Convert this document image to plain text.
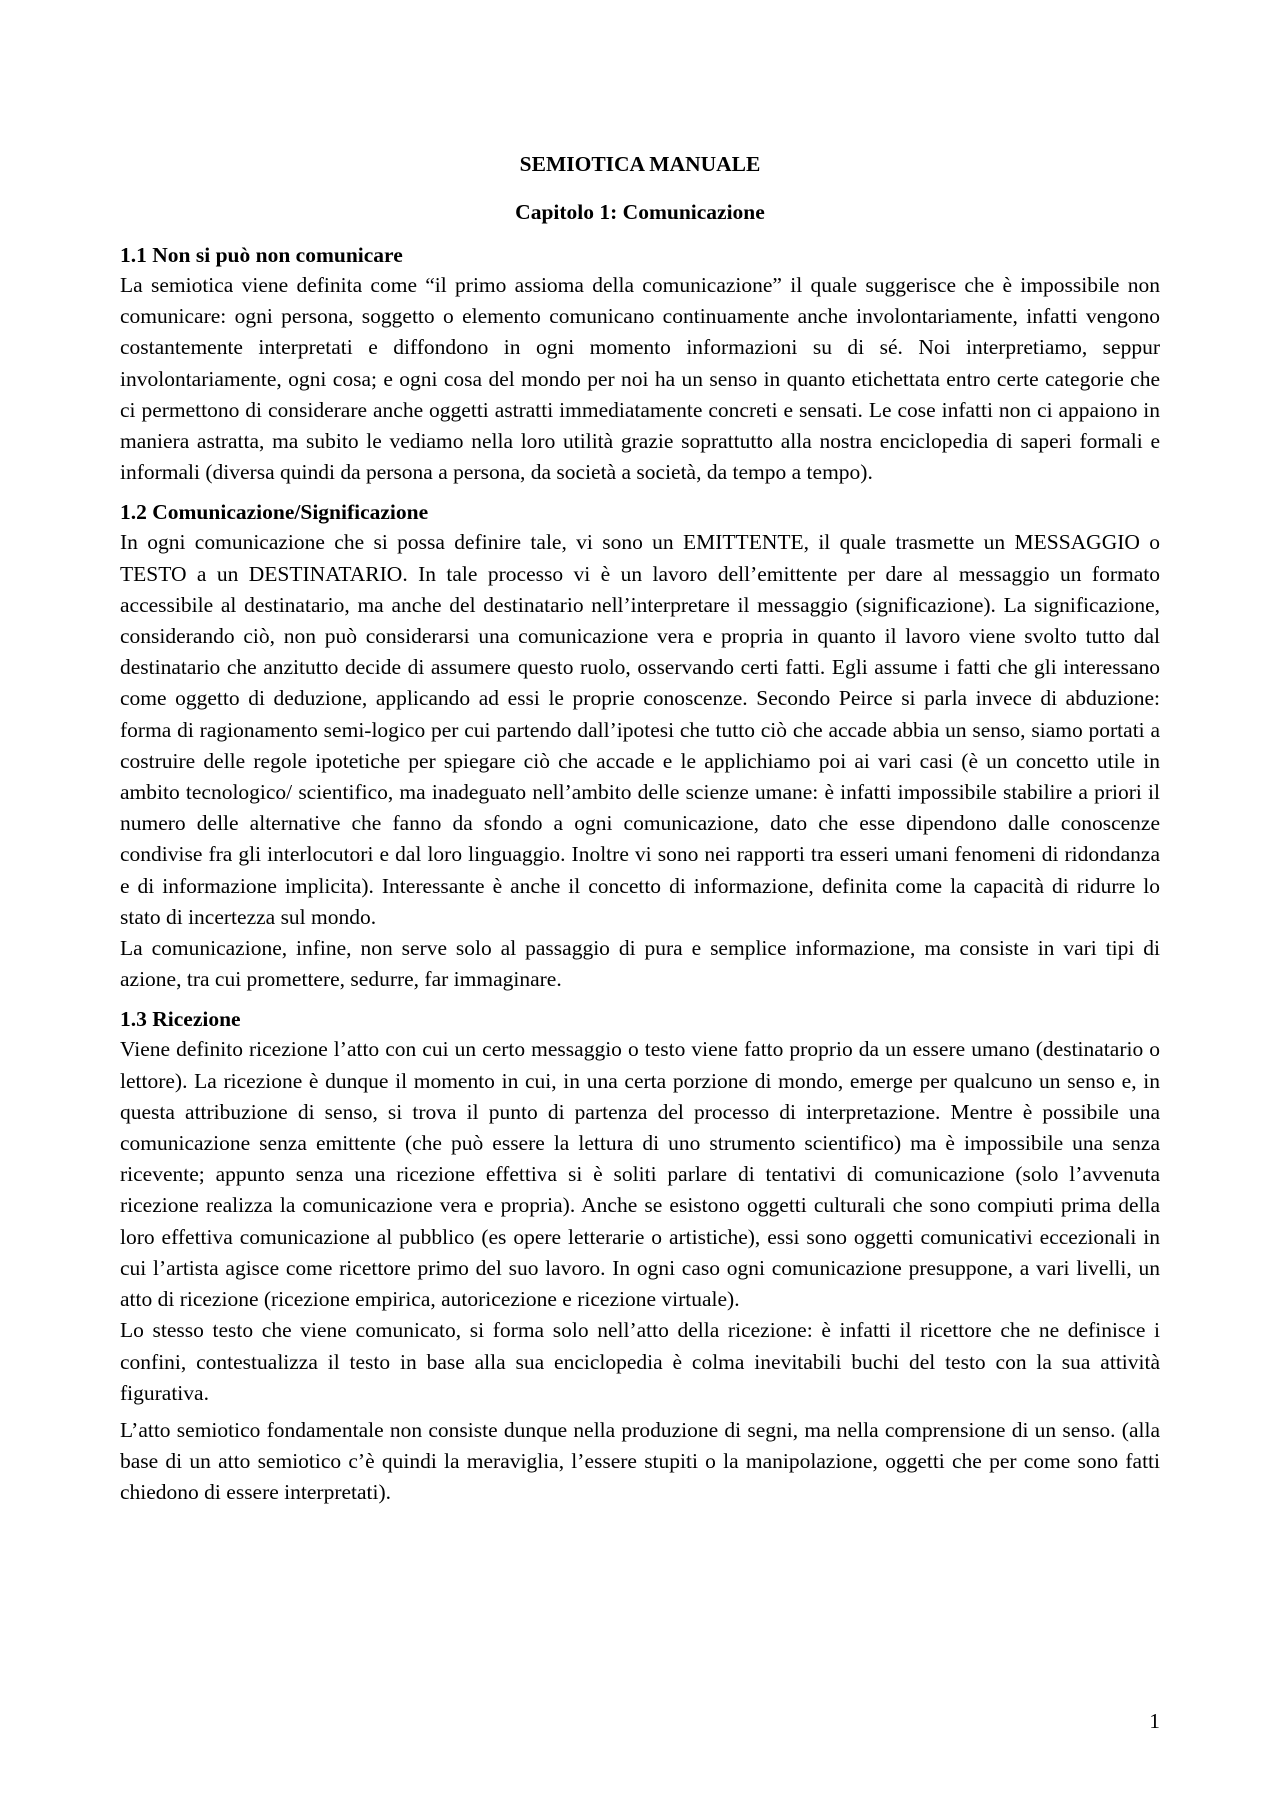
SEMIOTICA MANUALE
Capitolo 1: Comunicazione
1.1 Non si può non comunicare

La semiotica viene definita come “il primo assioma della comunicazione” il quale suggerisce che è impossibile non comunicare: ogni persona, soggetto o elemento comunicano continuamente anche involontariamente, infatti vengono costantemente interpretati e diffondono in ogni momento informazioni su di sé. Noi interpretiamo, seppur involontariamente, ogni cosa; e ogni cosa del mondo per noi ha un senso in quanto etichettata entro certe categorie che ci permettono di considerare anche oggetti astratti immediatamente concreti e sensati. Le cose infatti non ci appaiono in maniera astratta, ma subito le vediamo nella loro utilità grazie soprattutto alla nostra enciclopedia di saperi formali e informali (diversa quindi da persona a persona, da società a società, da tempo a tempo).

1.2 Comunicazione/Significazione

In ogni comunicazione che si possa definire tale, vi sono un EMITTENTE, il quale trasmette un MESSAGGIO o TESTO a un DESTINATARIO. In tale processo vi è un lavoro dell’emittente per dare al messaggio un formato accessibile al destinatario, ma anche del destinatario nell’interpretare il messaggio (significazione). La significazione, considerando ciò, non può considerarsi una comunicazione vera e propria in quanto il lavoro viene svolto tutto dal destinatario che anzitutto decide di assumere questo ruolo, osservando certi fatti. Egli assume i fatti che gli interessano come oggetto di deduzione, applicando ad essi le proprie conoscenze. Secondo Peirce si parla invece di abduzione: forma di ragionamento semi-logico per cui partendo dall’ipotesi che tutto ciò che accade abbia un senso, siamo portati a costruire delle regole ipotetiche per spiegare ciò che accade e le applichiamo poi ai vari casi (è un concetto utile in ambito tecnologico/ scientifico, ma inadeguato nell’ambito delle scienze umane: è infatti impossibile stabilire a priori il numero delle alternative che fanno da sfondo a ogni comunicazione, dato che esse dipendono dalle conoscenze condivise fra gli interlocutori e dal loro linguaggio. Inoltre vi sono nei rapporti tra esseri umani fenomeni di ridondanza e di informazione implicita). Interessante è anche il concetto di informazione, definita come la capacità di ridurre lo stato di incertezza sul mondo.

La comunicazione, infine, non serve solo al passaggio di pura e semplice informazione, ma consiste in vari tipi di azione, tra cui promettere, sedurre, far immaginare.

1.3 Ricezione

Viene definito ricezione l’atto con cui un certo messaggio o testo viene fatto proprio da un essere umano (destinatario o lettore). La ricezione è dunque il momento in cui, in una certa porzione di mondo, emerge per qualcuno un senso e, in questa attribuzione di senso, si trova il punto di partenza del processo di interpretazione. Mentre è possibile una comunicazione senza emittente (che può essere la lettura di uno strumento scientifico) ma è impossibile una senza ricevente; appunto senza una ricezione effettiva si è soliti parlare di tentativi di comunicazione (solo l’avvenuta ricezione realizza la comunicazione vera e propria). Anche se esistono oggetti culturali che sono compiuti prima della loro effettiva comunicazione al pubblico (es opere letterarie o artistiche), essi sono oggetti comunicativi eccezionali in cui l’artista agisce come ricettore primo del suo lavoro. In ogni caso ogni comunicazione presuppone, a vari livelli, un atto di ricezione (ricezione empirica, autoricezione e ricezione virtuale).

Lo stesso testo che viene comunicato, si forma solo nell’atto della ricezione: è infatti il ricettore che ne definisce i confini, contestualizza il testo in base alla sua enciclopedia è colma inevitabili buchi del testo con la sua attività figurativa.

L’atto semiotico fondamentale non consiste dunque nella produzione di segni, ma nella comprensione di un senso. (alla base di un atto semiotico c’è quindi la meraviglia, l’essere stupiti o la manipolazione, oggetti che per come sono fatti chiedono di essere interpretati).

1
